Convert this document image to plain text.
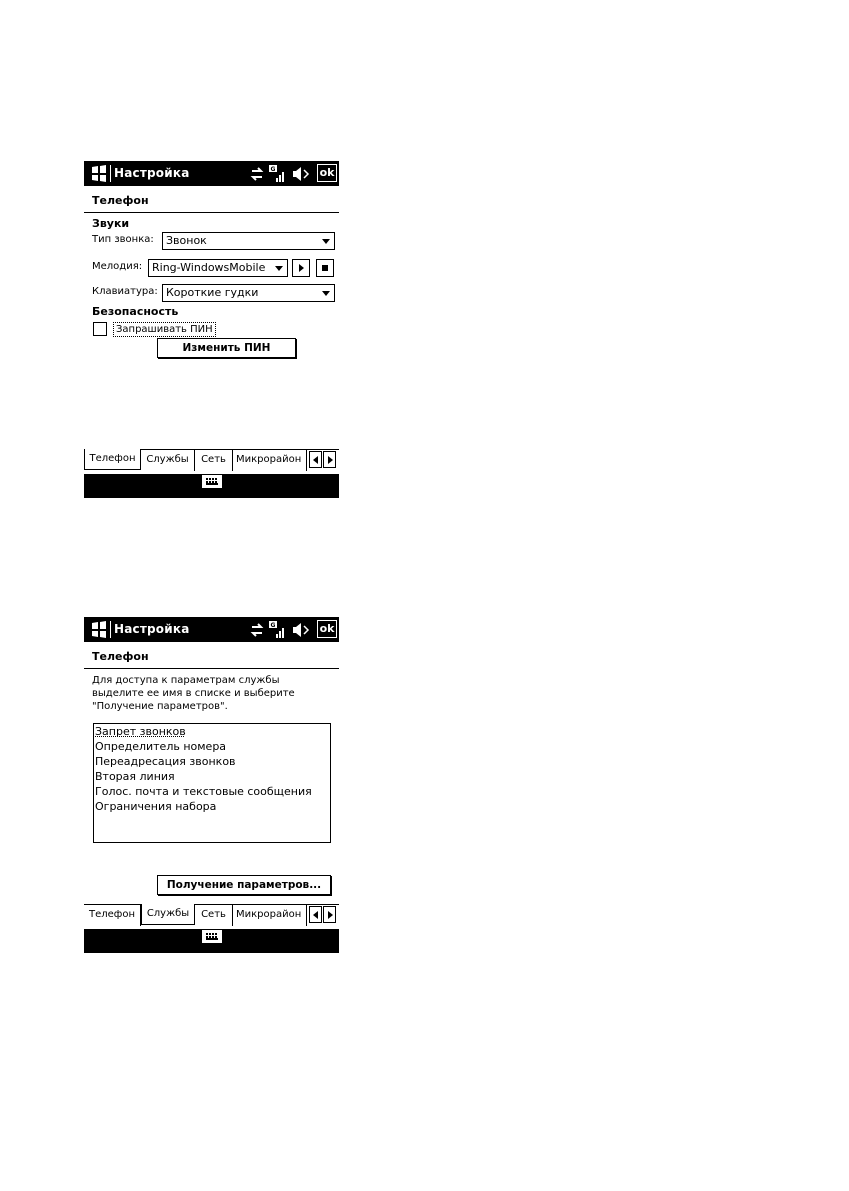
Настройка	G	ok
Телефон
Звуки
Тип звонка:	Звонок
Мелодия: Ring-WindowsMobile
Клавиатура: Короткие гудки
Безопасность
Запрашивать ПИН
Изменить ПИН
Телефон	Службы	Сеть	Микрорайон
Настройка	G	ok
Телефон
Для доступа к параметрам службы
выделите ее имя в списке и выберите
"Получение параметров".
Запрет звонков
Определитель номера
Переадресация звонков
Вторая линия
Голос. почта и текстовые сообщения
Ограничения набора
Получение параметров...
Телефон	Службы	Сеть	Микрорайон
